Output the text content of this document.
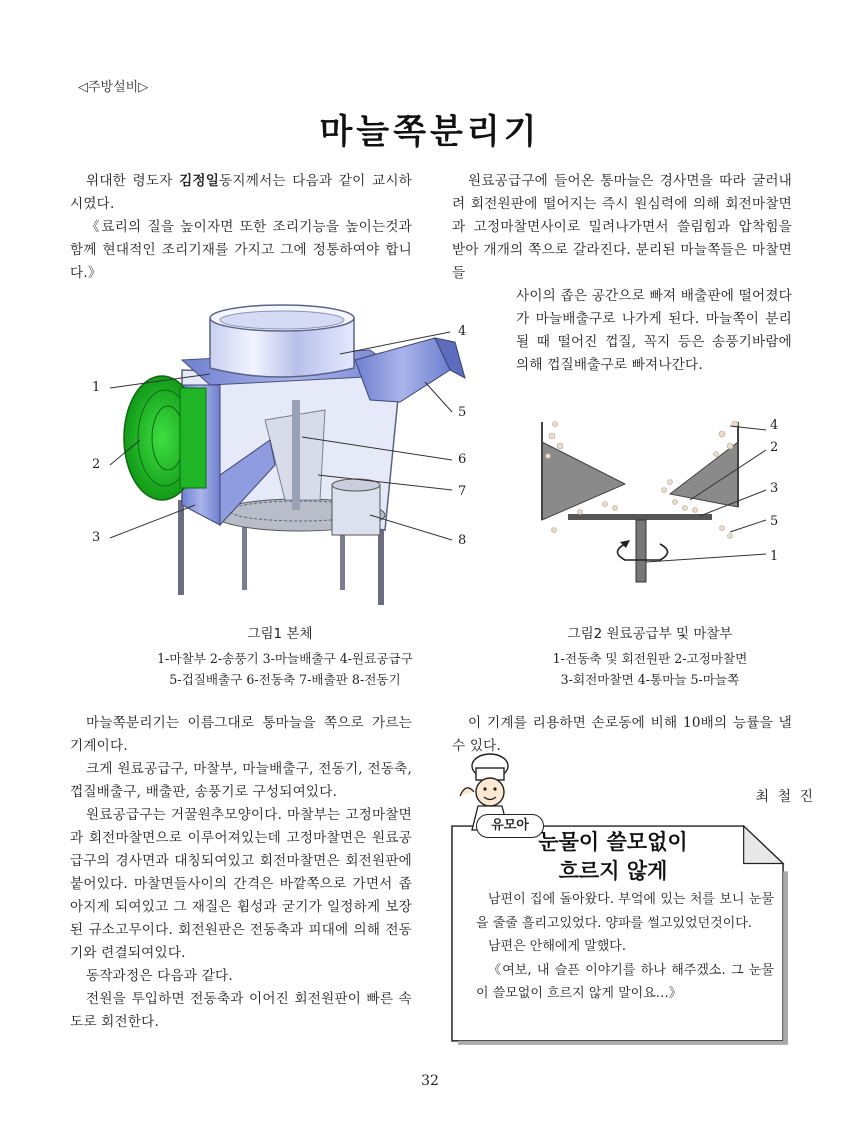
◁주방설비▷
마늘쪽분리기

위대한 령도자 김정일동지께서는 다음과 같이 교시하시였다.

《료리의 질을 높이자면 또한 조리기능을 높이는것과 함께 현대적인 조리기재를 가지고 그에 정통하여야 합니다.》

원료공급구에 들어온 통마늘은 경사면을 따라 굴러내려 회전원판에 떨어지는 즉시 원심력에 의해 회전마찰면과 고정마찰면사이로 밀려나가면서 쓸림힘과 압착힘을 받아 개개의 쪽으로 갈라진다. 분리된 마늘쪽들은 마찰면들

사이의 좁은 공간으로 빠져 배출판에 떨어졌다가 마늘배출구로 나가게 된다. 마늘쪽이 분리될 때 떨어진 껍질, 꼭지 등은 송풍기바람에 의해 껍질배출구로 빠져나간다.

1
2
3
4
5
6
7
8
4
2
3
5
1
그림1 본체	그림2 원료공급부 및 마찰부
1-마찰부 2-송풍기 3-마늘배출구 4-원료공급구
5-겁질배출구 6-전동축 7-배출판 8-전동기
1-전동축 및 회전원판 2-고정마찰면
3-회전마찰면 4-통마늘 5-마늘쪽

마늘쪽분리기는 이름그대로 통마늘을 쪽으로 가르는 기계이다.

크게 원료공급구, 마찰부, 마늘배출구, 전동기, 전동축, 껍질배출구, 배출판, 송풍기로 구성되여있다.

원료공급구는 거꿀원추모양이다. 마찰부는 고정마찰면과 회전마찰면으로 이루어져있는데 고정마찰면은 원료공급구의 경사면과 대칭되여있고 회전마찰면은 회전원판에 붙어있다. 마찰면들사이의 간격은 바깥쪽으로 가면서 좁아지게 되여있고 그 재질은 휨성과 굳기가 일정하게 보장된 규소고무이다. 회전원판은 전동축과 피대에 의해 전동기와 련결되여있다.

동작과정은 다음과 같다.

전원을 투입하면 전동축과 이어진 회전원판이 빠른 속도로 회전한다.

이 기계를 리용하면 손로동에 비해 10배의 능률을 낼수 있다.

최 철 진
유모아
눈물이 쓸모없이
흐르지 않게

남편이 집에 돌아왔다. 부엌에 있는 처를 보니 눈물을 줄줄 흘리고있었다. 양파를 썰고있었던것이다.

남편은 안해에게 말했다.

《여보, 내 슬픈 이야기를 하나 해주겠소. 그 눈물이 쓸모없이 흐르지 않게 말이요…》

32
